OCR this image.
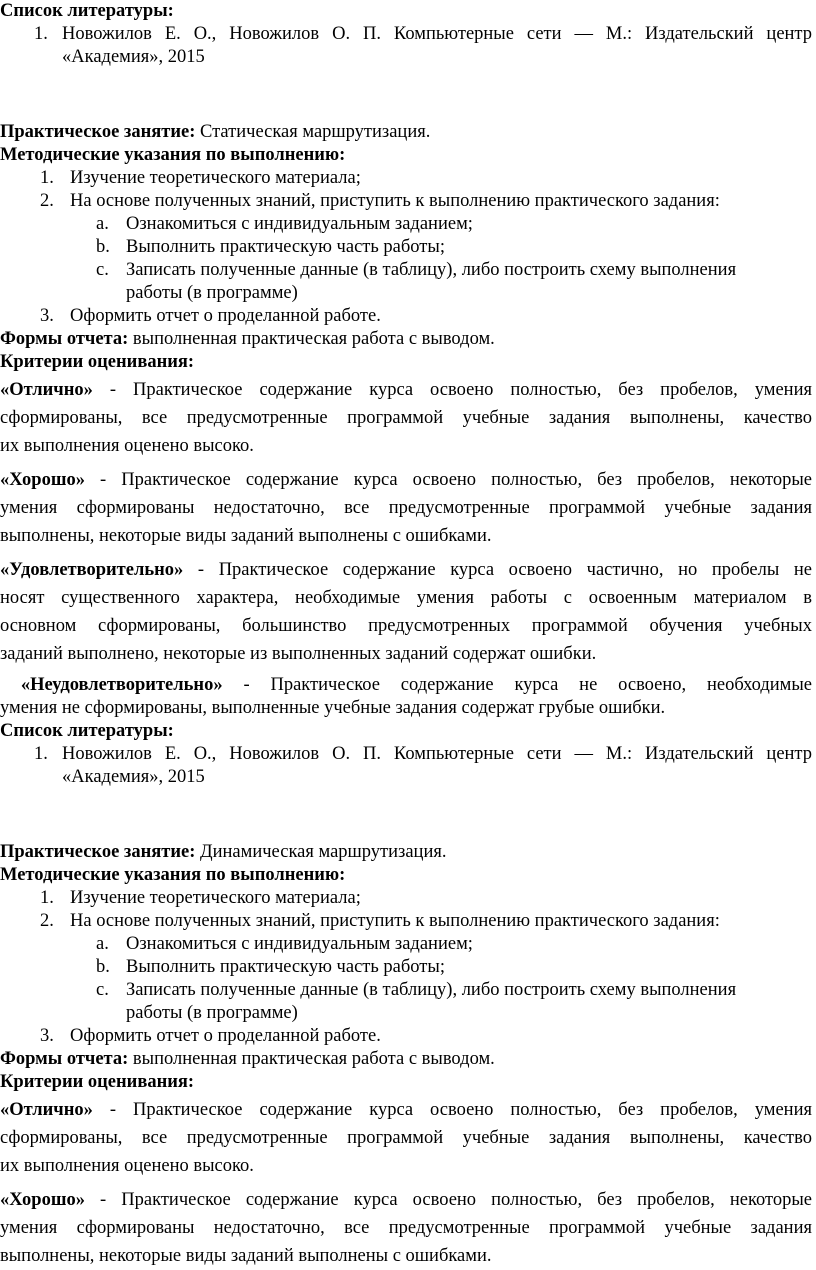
Список литературы:
1. Новожилов Е. О., Новожилов О. П. Компьютерные сети — М.: Издательский центр
«Академия», 2015
Практическое занятие: Статическая маршрутизация.
Методические указания по выполнению:
1. Изучение теоретического материала;
2. На основе полученных знаний, приступить к выполнению практического задания:
a. Ознакомиться с индивидуальным заданием;
b. Выполнить практическую часть работы;
c. Записать полученные данные (в таблицу), либо построить схему выполнения
работы (в программе)
3. Оформить отчет о проделанной работе.
Формы отчета: выполненная практическая работа с выводом.
Критерии оценивания:
«Отлично» - Практическое содержание курса освоено полностью, без пробелов, умения
сформированы, все предусмотренные программой учебные задания выполнены, качество
их выполнения оценено высоко.
«Хорошо» - Практическое содержание курса освоено полностью, без пробелов, некоторые
умения сформированы недостаточно, все предусмотренные программой учебные задания
выполнены, некоторые виды заданий выполнены с ошибками.
«Удовлетворительно» - Практическое содержание курса освоено частично, но пробелы не
носят существенного характера, необходимые умения работы с освоенным материалом в
основном сформированы, большинство предусмотренных программой обучения учебных
заданий выполнено, некоторые из выполненных заданий содержат ошибки.
«Неудовлетворительно» - Практическое содержание курса не освоено, необходимые
умения не сформированы, выполненные учебные задания содержат грубые ошибки.
Список литературы:
1. Новожилов Е. О., Новожилов О. П. Компьютерные сети — М.: Издательский центр
«Академия», 2015
Практическое занятие: Динамическая маршрутизация.
Методические указания по выполнению:
1. Изучение теоретического материала;
2. На основе полученных знаний, приступить к выполнению практического задания:
a. Ознакомиться с индивидуальным заданием;
b. Выполнить практическую часть работы;
c. Записать полученные данные (в таблицу), либо построить схему выполнения
работы (в программе)
3. Оформить отчет о проделанной работе.
Формы отчета: выполненная практическая работа с выводом.
Критерии оценивания:
«Отлично» - Практическое содержание курса освоено полностью, без пробелов, умения
сформированы, все предусмотренные программой учебные задания выполнены, качество
их выполнения оценено высоко.
«Хорошо» - Практическое содержание курса освоено полностью, без пробелов, некоторые
умения сформированы недостаточно, все предусмотренные программой учебные задания
выполнены, некоторые виды заданий выполнены с ошибками.
